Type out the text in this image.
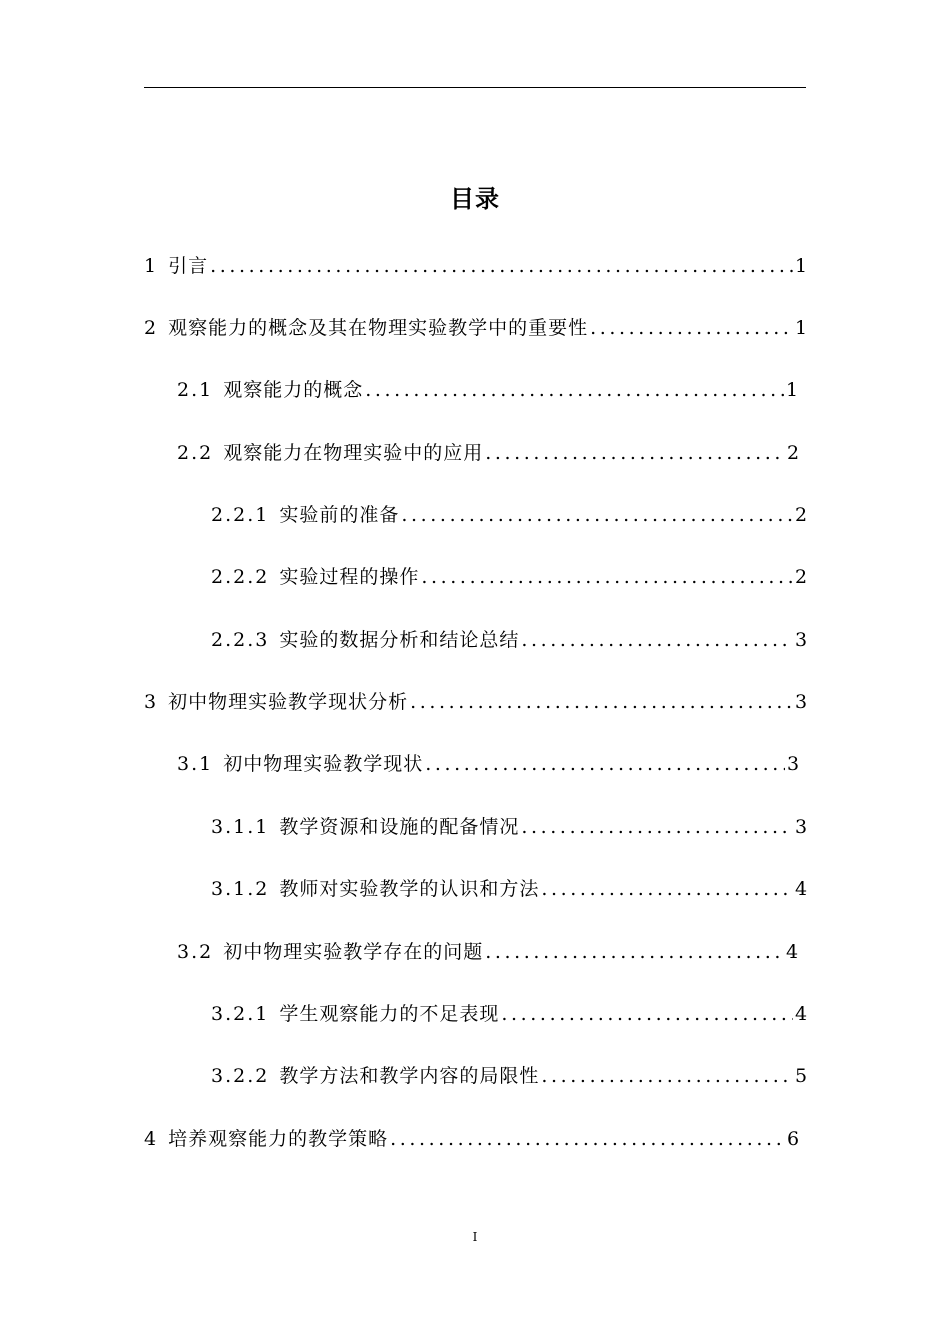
目录
1 引言 .....	1
2 观察能力的概念及其在物理实验教学中的重要性 .....	1
2.1 观察能力的概念 .....	1
2.2 观察能力在物理实验中的应用 .....	2
2.2.1 实验前的准备 .....	2
2.2.2 实验过程的操作 .....	2
2.2.3 实验的数据分析和结论总结 .....	3
3 初中物理实验教学现状分析 .....	3
3.1 初中物理实验教学现状 .....	3
3.1.1 教学资源和设施的配备情况 .....	3
3.1.2 教师对实验教学的认识和方法 .....	4
3.2 初中物理实验教学存在的问题 .....	4
3.2.1 学生观察能力的不足表现 .....	4
3.2.2 教学方法和教学内容的局限性 .....	5
4 培养观察能力的教学策略 .....	6
I
